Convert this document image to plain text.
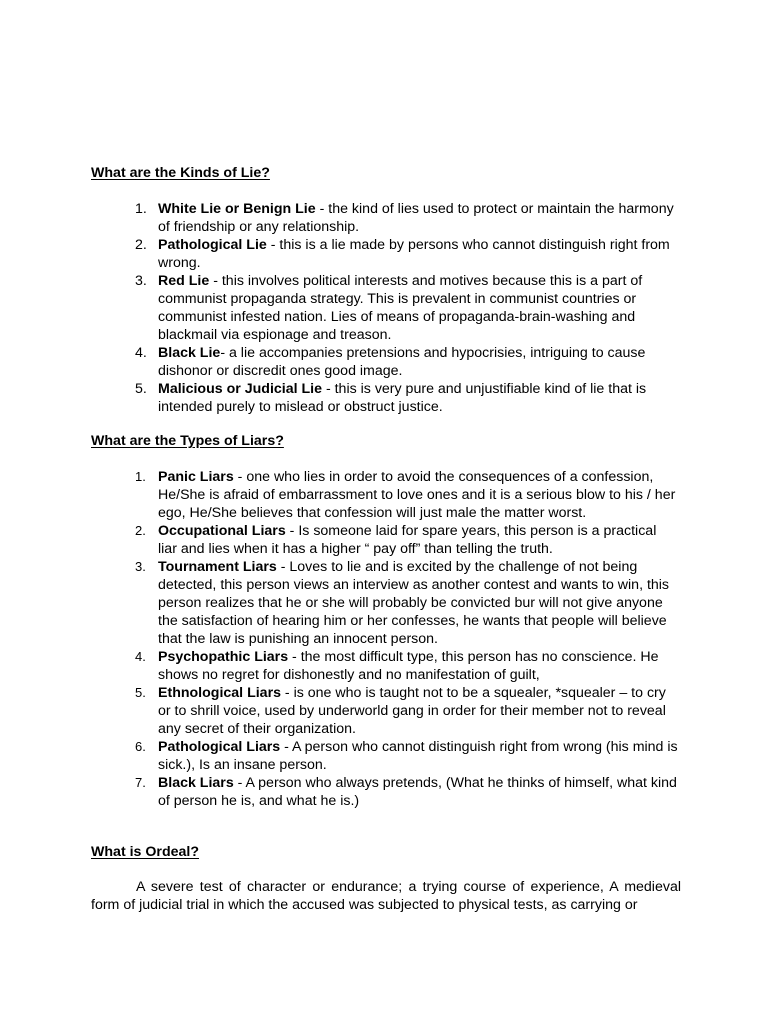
What are the Kinds of Lie?
1. White Lie or Benign Lie - the kind of lies used to protect or maintain the harmony of friendship or any relationship.
2. Pathological Lie - this is a lie made by persons who cannot distinguish right from wrong.
3. Red Lie - this involves political interests and motives because this is a part of communist propaganda strategy. This is prevalent in communist countries or communist infested nation. Lies of means of propaganda-brain-washing and blackmail via espionage and treason.
4. Black Lie- a lie accompanies pretensions and hypocrisies, intriguing to cause dishonor or discredit ones good image.
5. Malicious or Judicial Lie - this is very pure and unjustifiable kind of lie that is intended purely to mislead or obstruct justice.
What are the Types of Liars?
1. Panic Liars - one who lies in order to avoid the consequences of a confession, He/She is afraid of embarrassment to love ones and it is a serious blow to his / her ego, He/She believes that confession will just male the matter worst.
2. Occupational Liars - Is someone laid for spare years, this person is a practical liar and lies when it has a higher “ pay off” than telling the truth.
3. Tournament Liars - Loves to lie and is excited by the challenge of not being detected, this person views an interview as another contest and wants to win, this person realizes that he or she will probably be convicted bur will not give anyone the satisfaction of hearing him or her confesses, he wants that people will believe that the law is punishing an innocent person.
4. Psychopathic Liars - the most difficult type, this person has no conscience. He shows no regret for dishonestly and no manifestation of guilt,
5. Ethnological Liars - is one who is taught not to be a squealer, *squealer – to cry or to shrill voice, used by underworld gang in order for their member not to reveal any secret of their organization.
6. Pathological Liars - A person who cannot distinguish right from wrong (his mind is sick.), Is an insane person.
7. Black Liars - A person who always pretends, (What he thinks of himself, what kind of person he is, and what he is.)
What is Ordeal?

A severe test of character or endurance; a trying course of experience, A medieval form of judicial trial in which the accused was subjected to physical tests, as carrying or
